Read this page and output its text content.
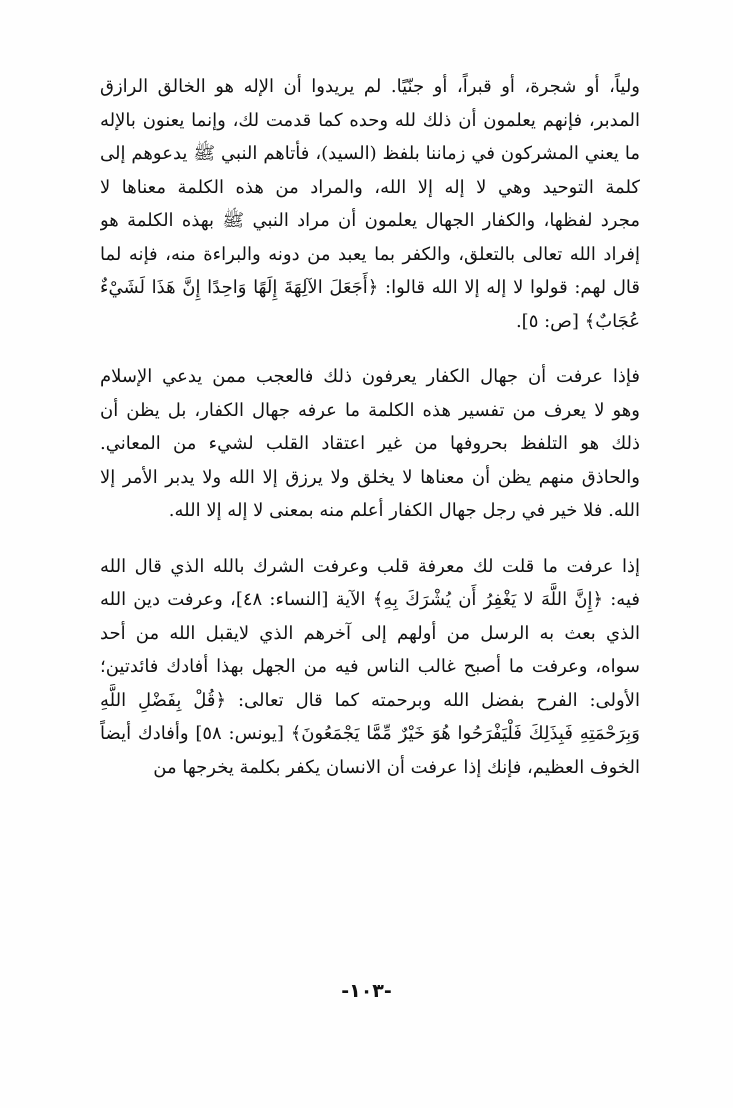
ولياً، أو شجرة، أو قبراً، أو جنّيًا. لم يريدوا أن الإله هو الخالق الرازق
المدبر، فإنهم يعلمون أن ذلك لله وحده كما قدمت لك، وإنما يعنون بالإله
ما يعني المشركون في زماننا بلفظ (السيد)، فأتاهم النبي ﷺ يدعوهم إلى
كلمة التوحيد وهي لا إله إلا الله، والمراد من هذه الكلمة معناها لا
مجرد لفظها، والكفار الجهال يعلمون أن مراد النبي ﷺ بهذه الكلمة هو
إفراد الله تعالى بالتعلق، والكفر بما يعبد من دونه والبراءة منه، فإنه لما
قال لهم: قولوا لا إله إلا الله قالوا: ﴿أَجَعَلَ الآلِهَةَ إِلَهًا وَاحِدًا إِنَّ هَذَا لَشَيْءٌ
عُجَابٌ﴾ [ص: ٥].
فإذا عرفت أن جهال الكفار يعرفون ذلك فالعجب ممن يدعي الإسلام
وهو لا يعرف من تفسير هذه الكلمة ما عرفه جهال الكفار، بل يظن أن
ذلك هو التلفظ بحروفها من غير اعتقاد القلب لشيء من المعاني.
والحاذق منهم يظن أن معناها لا يخلق ولا يرزق إلا الله ولا يدبر الأمر إلا
الله. فلا خير في رجل جهال الكفار أعلم منه بمعنى لا إله إلا الله.
إذا عرفت ما قلت لك معرفة قلب وعرفت الشرك بالله الذي قال الله
فيه: ﴿إِنَّ اللَّهَ لا يَغْفِرُ أَن يُشْرَكَ بِهِ﴾ الآية [النساء: ٤٨]، وعرفت دين الله
الذي بعث به الرسل من أولهم إلى آخرهم الذي لايقبل الله من أحد
سواه، وعرفت ما أصبح غالب الناس فيه من الجهل بهذا أفادك فائدتين؛
الأولى: الفرح بفضل الله وبرحمته كما قال تعالى: ﴿قُلْ بِفَضْلِ اللَّهِ
وَبِرَحْمَتِهِ فَبِذَلِكَ فَلْيَفْرَحُوا هُوَ خَيْرٌ مِّمَّا يَجْمَعُونَ﴾ [يونس: ٥٨] وأفادك أيضاً
الخوف العظيم، فإنك إذا عرفت أن الانسان يكفر بكلمة يخرجها من
-١٠٣-
